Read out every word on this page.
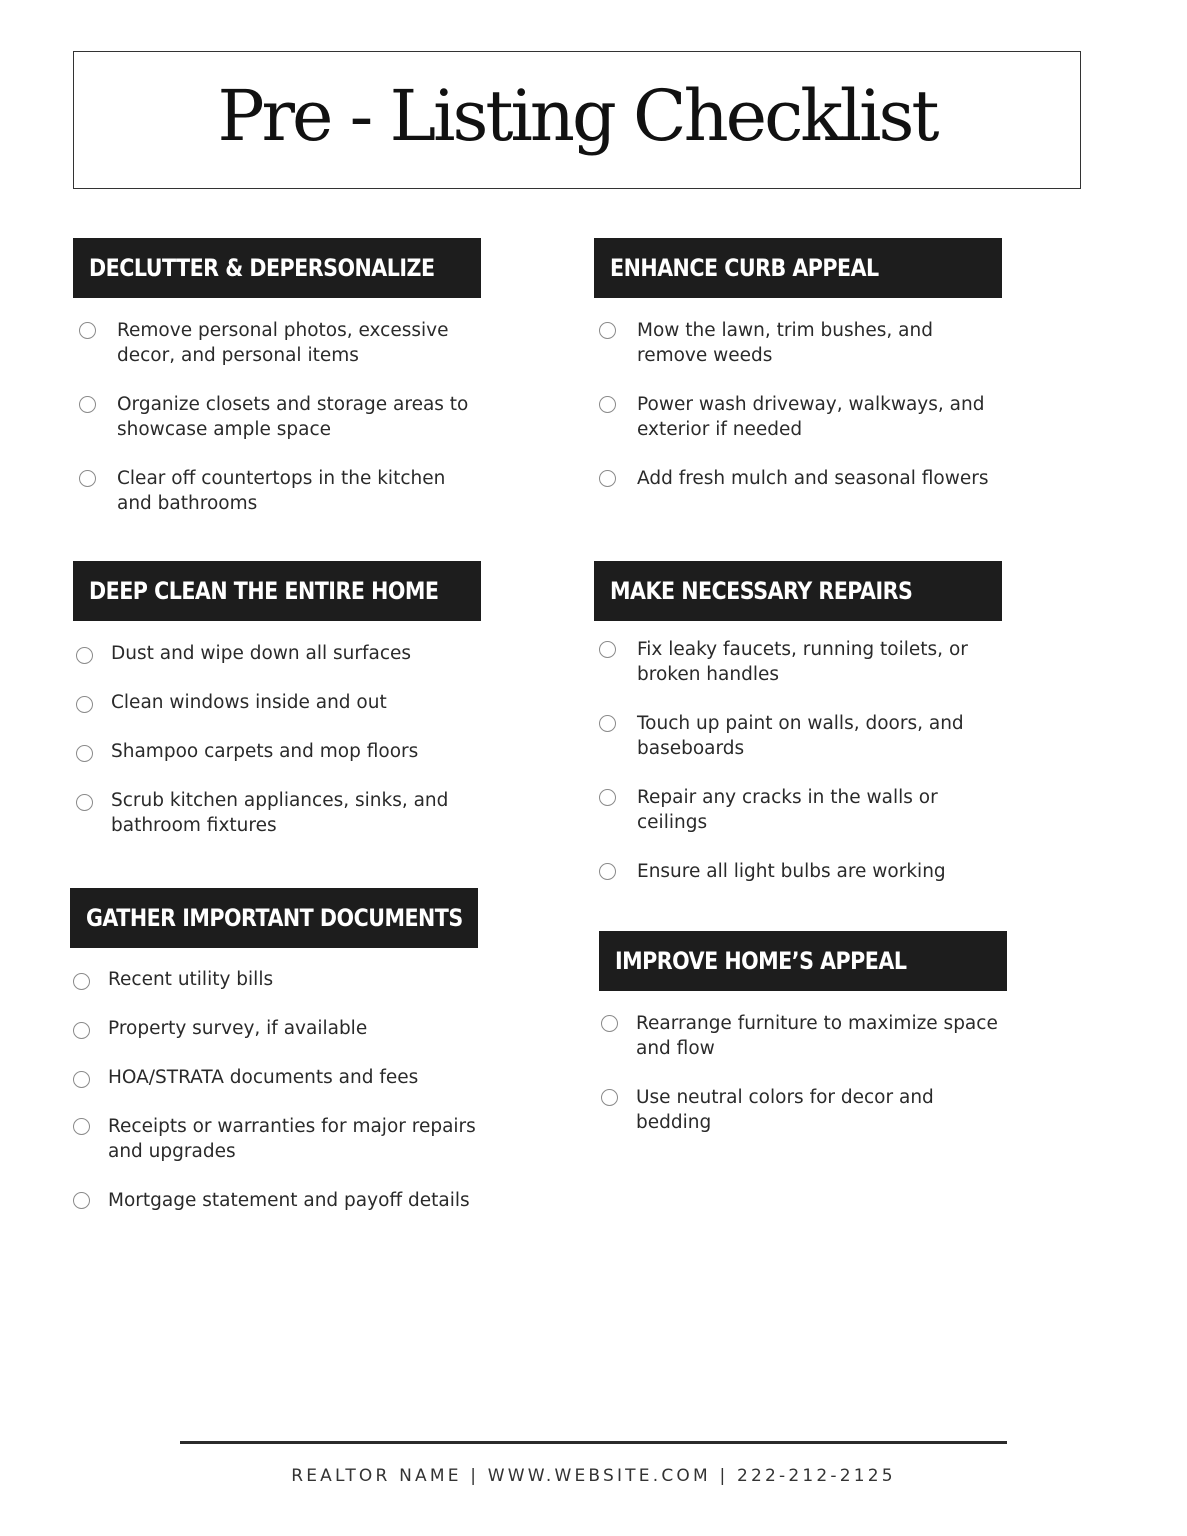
Pre - Listing Checklist
DECLUTTER & DEPERSONALIZE
Remove personal photos, excessive decor, and personal items
Organize closets and storage areas to showcase ample space
Clear off countertops in the kitchen and bathrooms
ENHANCE CURB APPEAL
Mow the lawn, trim bushes, and remove weeds
Power wash driveway, walkways, and exterior if needed
Add fresh mulch and seasonal flowers
DEEP CLEAN THE ENTIRE HOME
Dust and wipe down all surfaces
Clean windows inside and out
Shampoo carpets and mop floors
Scrub kitchen appliances, sinks, and bathroom fixtures
MAKE NECESSARY REPAIRS
Fix leaky faucets, running toilets, or broken handles
Touch up paint on walls, doors, and baseboards
Repair any cracks in the walls or ceilings
Ensure all light bulbs are working
GATHER IMPORTANT DOCUMENTS
Recent utility bills
Property survey, if available
HOA/STRATA documents and fees
Receipts or warranties for major repairs and upgrades
Mortgage statement and payoff details
IMPROVE HOME’S APPEAL
Rearrange furniture to maximize space and flow
Use neutral colors for decor and bedding
REALTOR NAME | WWW.WEBSITE.COM | 222-212-2125
